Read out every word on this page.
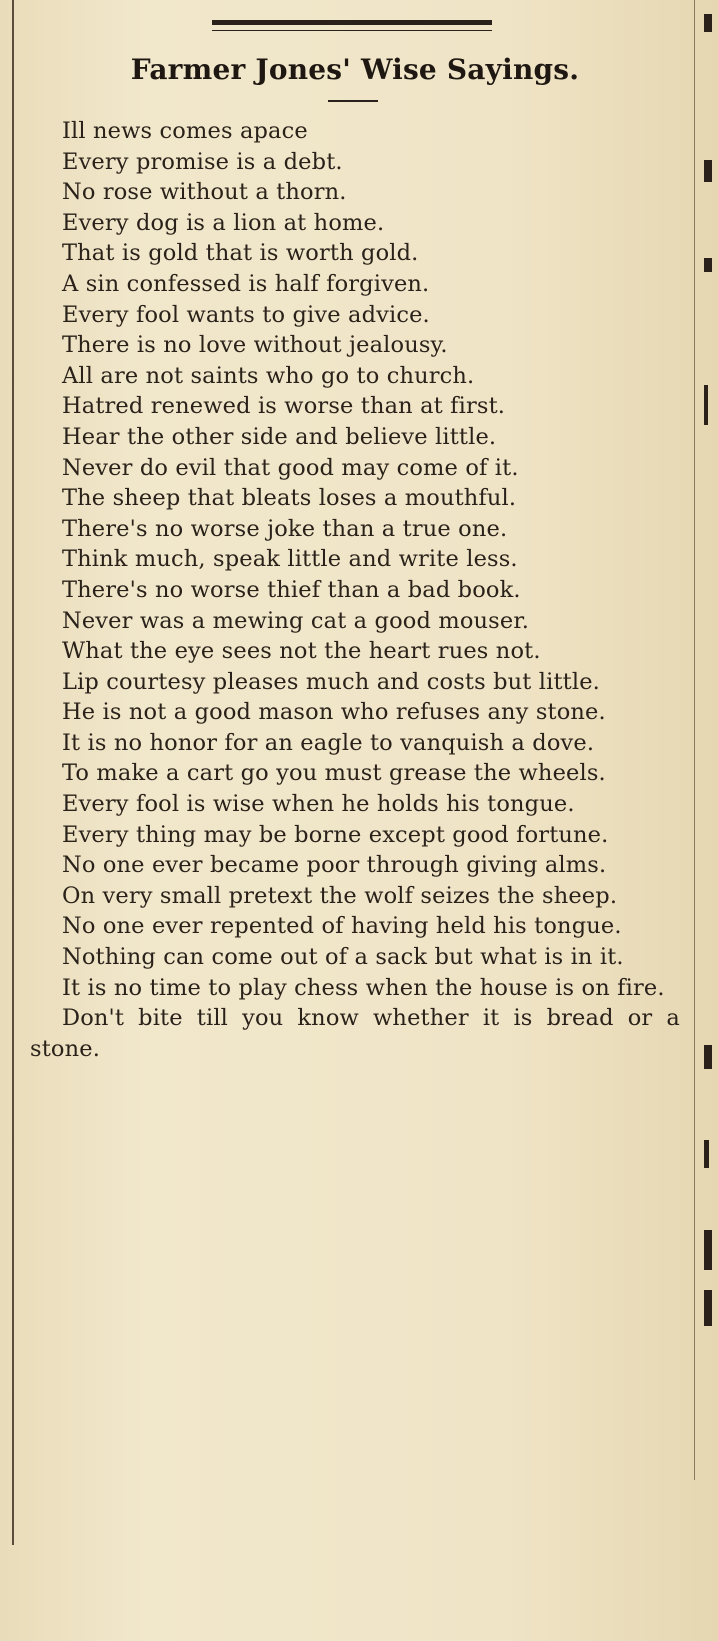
Farmer Jones' Wise Sayings.
Ill news comes apace
Every promise is a debt.
No rose without a thorn.
Every dog is a lion at home.
That is gold that is worth gold.
A sin confessed is half forgiven.
Every fool wants to give advice.
There is no love without jealousy.
All are not saints who go to church.
Hatred renewed is worse than at first.
Hear the other side and believe little.
Never do evil that good may come of it.
The sheep that bleats loses a mouthful.
There's no worse joke than a true one.
Think much, speak little and write less.
There's no worse thief than a bad book.
Never was a mewing cat a good mouser.
What the eye sees not the heart rues not.
Lip courtesy pleases much and costs but little.
He is not a good mason who refuses any stone.
It is no honor for an eagle to vanquish a dove.
To make a cart go you must grease the wheels.
Every fool is wise when he holds his tongue.
Every thing may be borne except good fortune.
No one ever became poor through giving alms.
On very small pretext the wolf seizes the sheep.
No one ever repented of having held his tongue.
Nothing can come out of a sack but what is in it.
It is no time to play chess when the house is on fire.
Don't bite till you know whether it is bread or a stone.
